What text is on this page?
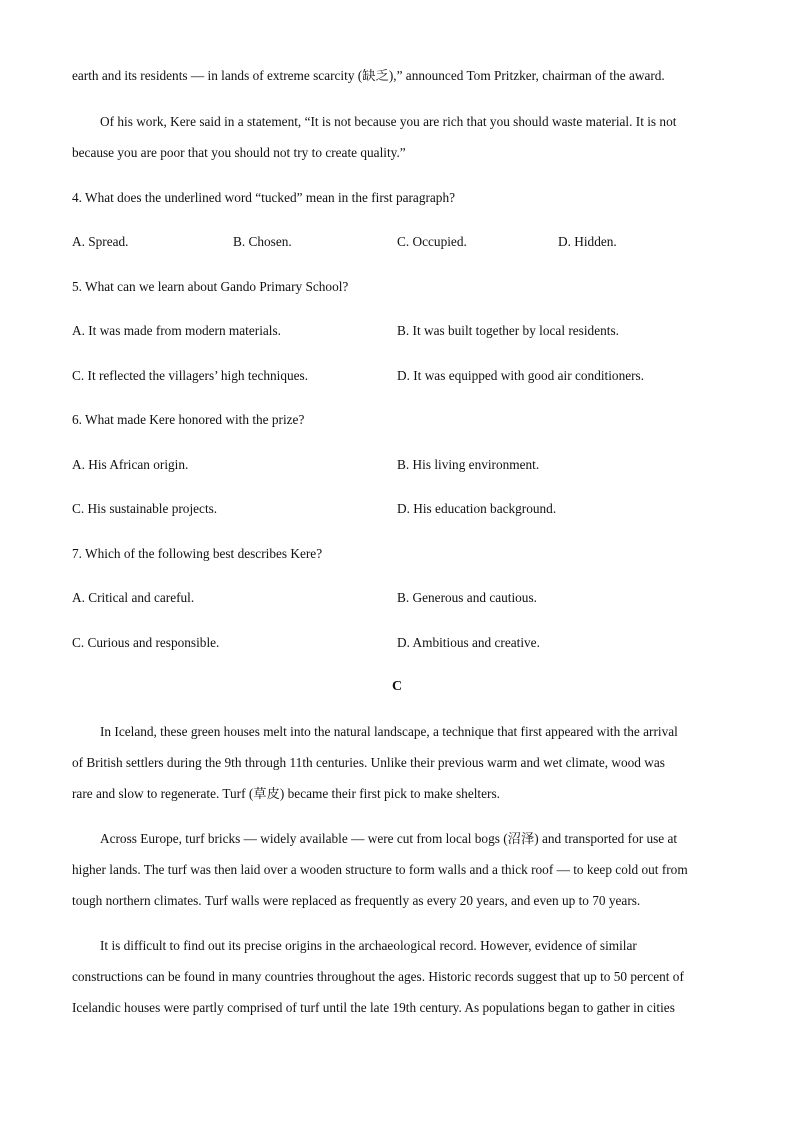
earth and its residents — in lands of extreme scarcity (缺乏),” announced Tom Pritzker, chairman of the award.
Of his work, Kere said in a statement, “It is not because you are rich that you should waste material. It is not
because you are poor that you should not try to create quality.”
4. What does the underlined word “tucked” mean in the first paragraph?
A. Spread.	B. Chosen.	C. Occupied.	D. Hidden.
5. What can we learn about Gando Primary School?
A. It was made from modern materials.	B. It was built together by local residents.
C. It reflected the villagers’ high techniques.	D. It was equipped with good air conditioners.
6. What made Kere honored with the prize?
A. His African origin.	B. His living environment.
C. His sustainable projects.	D. His education background.
7. Which of the following best describes Kere?
A. Critical and careful.	B. Generous and cautious.
C. Curious and responsible.	D. Ambitious and creative.
C
In Iceland, these green houses melt into the natural landscape, a technique that first appeared with the arrival
of British settlers during the 9th through 11th centuries. Unlike their previous warm and wet climate, wood was
rare and slow to regenerate. Turf (草皮) became their first pick to make shelters.
Across Europe, turf bricks — widely available — were cut from local bogs (沼泽) and transported for use at
higher lands. The turf was then laid over a wooden structure to form walls and a thick roof — to keep cold out from
tough northern climates. Turf walls were replaced as frequently as every 20 years, and even up to 70 years.
It is difficult to find out its precise origins in the archaeological record. However, evidence of similar
constructions can be found in many countries throughout the ages. Historic records suggest that up to 50 percent of
Icelandic houses were partly comprised of turf until the late 19th century. As populations began to gather in cities
